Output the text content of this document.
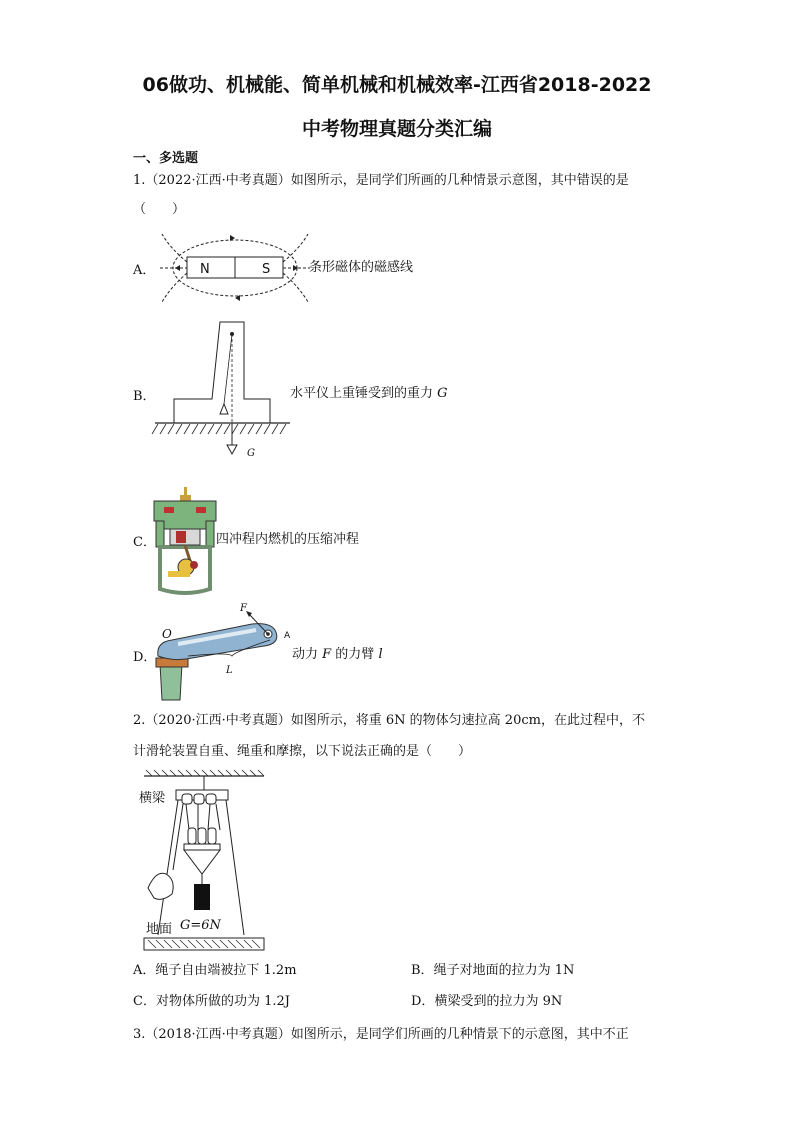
06做功、机械能、简单机械和机械效率-江西省2018-2022
中考物理真题分类汇编
一、多选题
1.（2022·江西·中考真题）如图所示，是同学们所画的几种情景示意图，其中错误的是
（　　）
A．	N	S	条形磁体的磁感线
B．
G
水平仪上重锤受到的重力 G
C．	四冲程内燃机的压缩冲程
D．
F
O	A
L
动力 F 的力臂 l
2.（2020·江西·中考真题）如图所示，将重 6N 的物体匀速拉高 20cm，在此过程中，不
计滑轮装置自重、绳重和摩擦，以下说法正确的是（　　）
横梁
地面 G=6N
A．绳子自由端被拉下 1.2m	B．绳子对地面的拉力为 1N
C．对物体所做的功为 1.2J	D．横梁受到的拉力为 9N
3.（2018·江西·中考真题）如图所示，是同学们所画的几种情景下的示意图，其中不正
